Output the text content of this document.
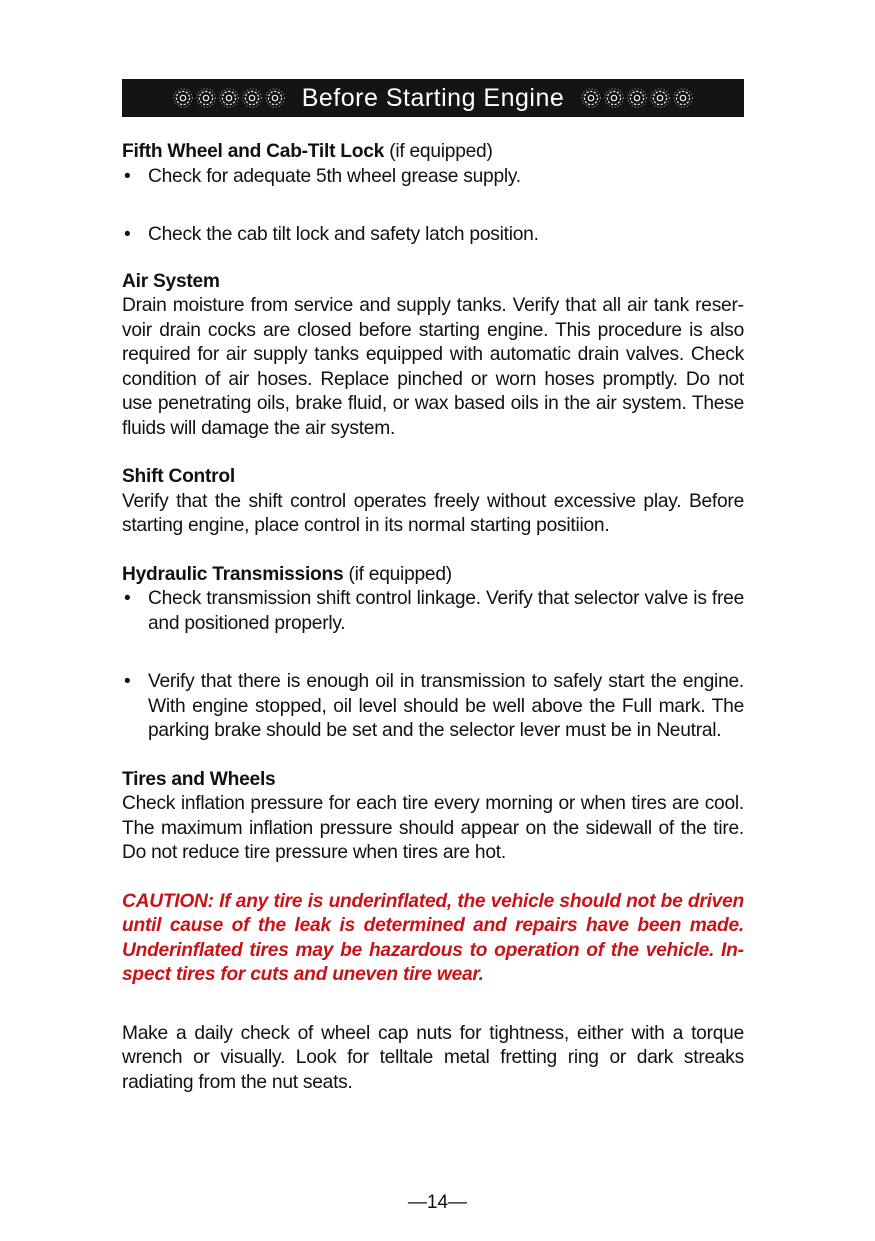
Before Starting Engine

Fifth Wheel and Cab-Tilt Lock (if equipped)

• Check for adequate 5th wheel grease supply.

• Check the cab tilt lock and safety latch position.

Air System

Drain moisture from service and supply tanks. Verify that all air tank reservoir drain cocks are closed before starting engine. This procedure is also required for air supply tanks equipped with automatic drain valves. Check condition of air hoses. Replace pinched or worn hoses promptly. Do not use penetrating oils, brake fluid, or wax based oils in the air system. These fluids will damage the air system.

Shift Control

Verify that the shift control operates freely without excessive play. Before starting engine, place control in its normal starting positiion.

Hydraulic Transmissions (if equipped)

• Check transmission shift control linkage. Verify that selector valve is free and positioned properly.

• Verify that there is enough oil in transmission to safely start the engine. With engine stopped, oil level should be well above the Full mark. The parking brake should be set and the selector lever must be in Neutral.

Tires and Wheels

Check inflation pressure for each tire every morning or when tires are cool. The maximum inflation pressure should appear on the sidewall of the tire. Do not reduce tire pressure when tires are hot.

CAUTION: If any tire is underinflated, the vehicle should not be driven until cause of the leak is determined and repairs have been made. Underinflated tires may be hazardous to operation of the vehicle. Inspect tires for cuts and uneven tire wear.

Make a daily check of wheel cap nuts for tightness, either with a torque wrench or visually. Look for telltale metal fretting ring or dark streaks radiating from the nut seats.

—14—
